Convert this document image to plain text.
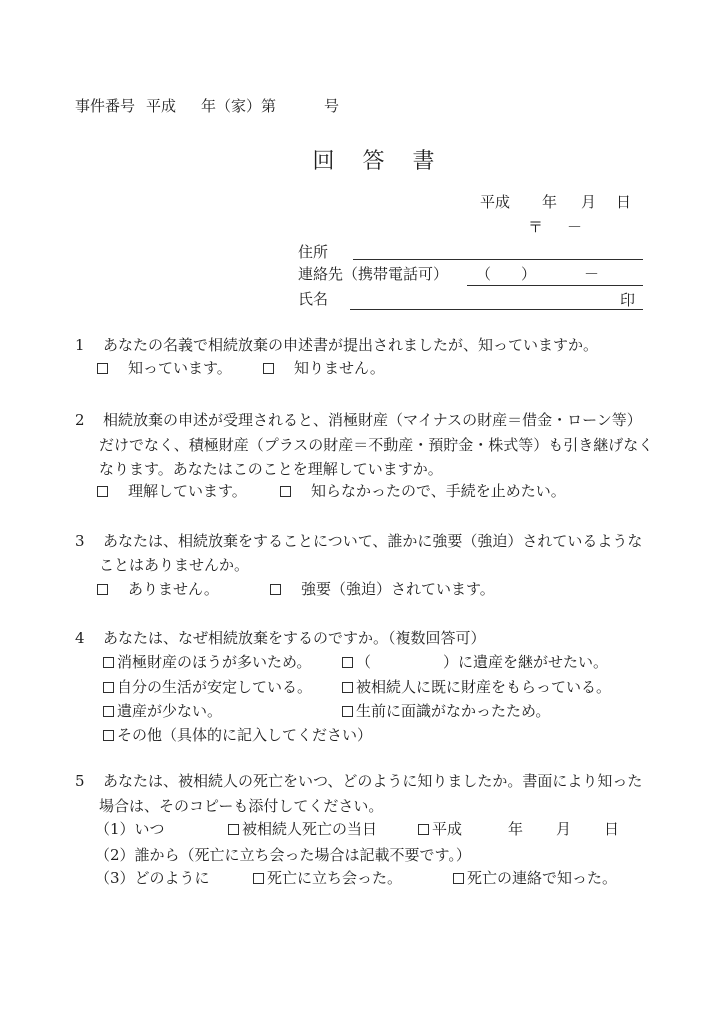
事件番号 平成 年（家）第	号
回　答　書
平成 年 月 日
〒 －
住所
連絡先（携帯電話可） （ ）	－
氏名	印
1	あなたの名義で相続放棄の申述書が提出されましたが、知っていますか。
知っています。	知りません。
2	相続放棄の申述が受理されると、消極財産（マイナスの財産＝借金・ローン等）
だけでなく、積極財産（プラスの財産＝不動産・預貯金・株式等）も引き継げなく
なります。あなたはこのことを理解していますか。
理解しています。	知らなかったので、手続を止めたい。
3	あなたは、相続放棄をすることについて、誰かに強要（強迫）されているような
ことはありませんか。
ありません。	強要（強迫）されています。
4	あなたは、なぜ相続放棄をするのですか。（複数回答可）
消極財産のほうが多いため。	（	）に遺産を継がせたい。
自分の生活が安定している。	被相続人に既に財産をもらっている。
遺産が少ない。	生前に面識がなかったため。
その他（具体的に記入してください）
5	あなたは、被相続人の死亡をいつ、どのように知りましたか。書面により知った
場合は、そのコピーも添付してください。
（1）いつ	被相続人死亡の当日	平成	年 月 日
（2）誰から（死亡に立ち会った場合は記載不要です。）
（3）どのように	死亡に立ち会った。	死亡の連絡で知った。
